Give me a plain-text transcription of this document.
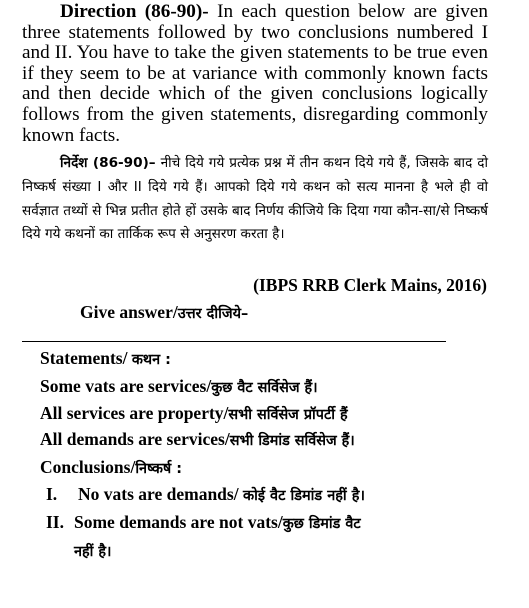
Direction (86-90)- In each question below are given three statements followed by two conclusions numbered I and II. You have to take the given statements to be true even if they seem to be at variance with commonly known facts and then decide which of the given conclusions logically follows from the given statements, disregarding commonly known facts.

निर्देश (86-90)– नीचे दिये गये प्रत्येक प्रश्न में तीन कथन दिये गये हैं, जिसके बाद दो निष्कर्ष संख्या I और II दिये गये हैं। आपको दिये गये कथन को सत्य मानना है भले ही वो सर्वज्ञात तथ्यों से भिन्न प्रतीत होते हों उसके बाद निर्णय कीजिये कि दिया गया कौन-सा/से निष्कर्ष दिये गये कथनों का तार्किक रूप से अनुसरण करता है।

(IBPS RRB Clerk Mains, 2016)
Give answer/उत्तर दीजिये–
Statements/ कथन :
Some vats are services/कुछ वैट सर्विसेज हैं।
All services are property/सभी सर्विसेज प्रॉपर्टी हैं
All demands are services/सभी डिमांड सर्विसेज हैं।
Conclusions/निष्कर्ष :
I. No vats are demands/ कोई वैट डिमांड नहीं है।
II. Some demands are not vats/कुछ डिमांड वैट
नहीं है।
